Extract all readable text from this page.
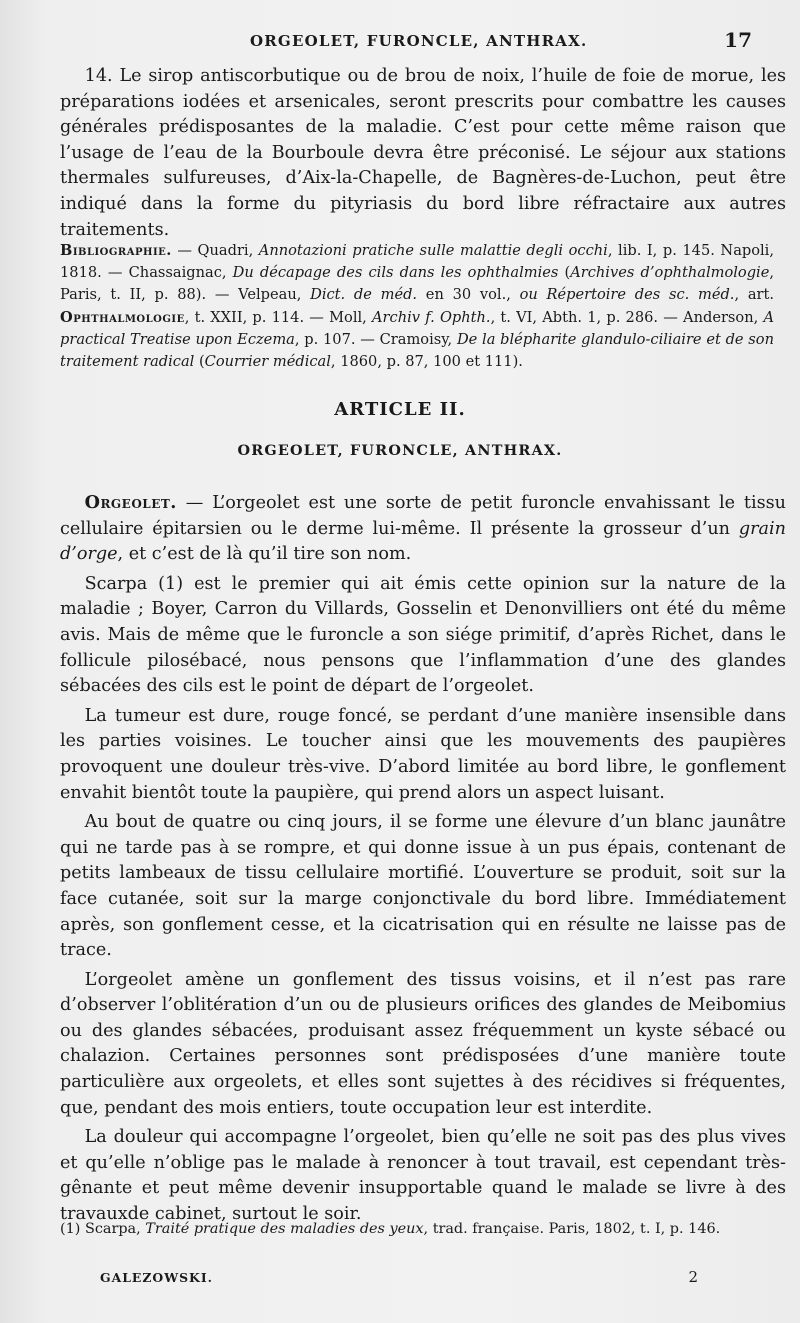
ORGEOLET, FURONCLE, ANTHRAX.	17

14. Le sirop antiscorbutique ou de brou de noix, l’huile de foie de morue, les préparations iodées et arsenicales, seront prescrits pour combattre les causes générales prédisposantes de la maladie. C’est pour cette même raison que l’usage de l’eau de la Bourboule devra être préconisé. Le séjour aux stations thermales sulfureuses, d’Aix-la-Chapelle, de Bagnères-de-Luchon, peut être indiqué dans la forme du pityriasis du bord libre réfractaire aux autres traitements.

Bibliographie. — Quadri, Annotazioni pratiche sulle malattie degli occhi, lib. I, p. 145. Napoli, 1818. — Chassaignac, Du décapage des cils dans les ophthalmies (Archives d’ophthalmologie, Paris, t. II, p. 88). — Velpeau, Dict. de méd. en 30 vol., ou Répertoire des sc. méd., art. Ophthalmologie, t. XXII, p. 114. — Moll, Archiv f. Ophth., t. VI, Abth. 1, p. 286. — Anderson, A practical Treatise upon Eczema, p. 107. — Cramoisy, De la blépharite glandulo-ciliaire et de son traitement radical (Courrier médical, 1860, p. 87, 100 et 111).
ARTICLE II.
ORGEOLET, FURONCLE, ANTHRAX.

Orgeolet. — L’orgeolet est une sorte de petit furoncle envahissant le tissu cellulaire épitarsien ou le derme lui-même. Il présente la grosseur d’un grain d’orge, et c’est de là qu’il tire son nom.

Scarpa (1) est le premier qui ait émis cette opinion sur la nature de la maladie ; Boyer, Carron du Villards, Gosselin et Denonvilliers ont été du même avis. Mais de même que le furoncle a son siége primitif, d’après Richet, dans le follicule pilosébacé, nous pensons que l’inflammation d’une des glandes sébacées des cils est le point de départ de l’orgeolet.

La tumeur est dure, rouge foncé, se perdant d’une manière insensible dans les parties voisines. Le toucher ainsi que les mouvements des paupières provoquent une douleur très-vive. D’abord limitée au bord libre, le gonflement envahit bientôt toute la paupière, qui prend alors un aspect luisant.

Au bout de quatre ou cinq jours, il se forme une élevure d’un blanc jaunâtre qui ne tarde pas à se rompre, et qui donne issue à un pus épais, contenant de petits lambeaux de tissu cellulaire mortifié. L’ouverture se produit, soit sur la face cutanée, soit sur la marge conjonctivale du bord libre. Immédiatement après, son gonflement cesse, et la cicatrisation qui en résulte ne laisse pas de trace.

L’orgeolet amène un gonflement des tissus voisins, et il n’est pas rare d’observer l’oblitération d’un ou de plusieurs orifices des glandes de Meibomius ou des glandes sébacées, produisant assez fréquemment un kyste sébacé ou chalazion. Certaines personnes sont prédisposées d’une manière toute particulière aux orgeolets, et elles sont sujettes à des récidives si fréquentes, que, pendant des mois entiers, toute occupation leur est interdite.

La douleur qui accompagne l’orgeolet, bien qu’elle ne soit pas des plus vives et qu’elle n’oblige pas le malade à renoncer à tout travail, est cependant très-gênante et peut même devenir insupportable quand le malade se livre à des travauxde cabinet, surtout le soir.

(1) Scarpa, Traité pratique des maladies des yeux, trad. française. Paris, 1802, t. I, p. 146.
GALEZOWSKI.	2
